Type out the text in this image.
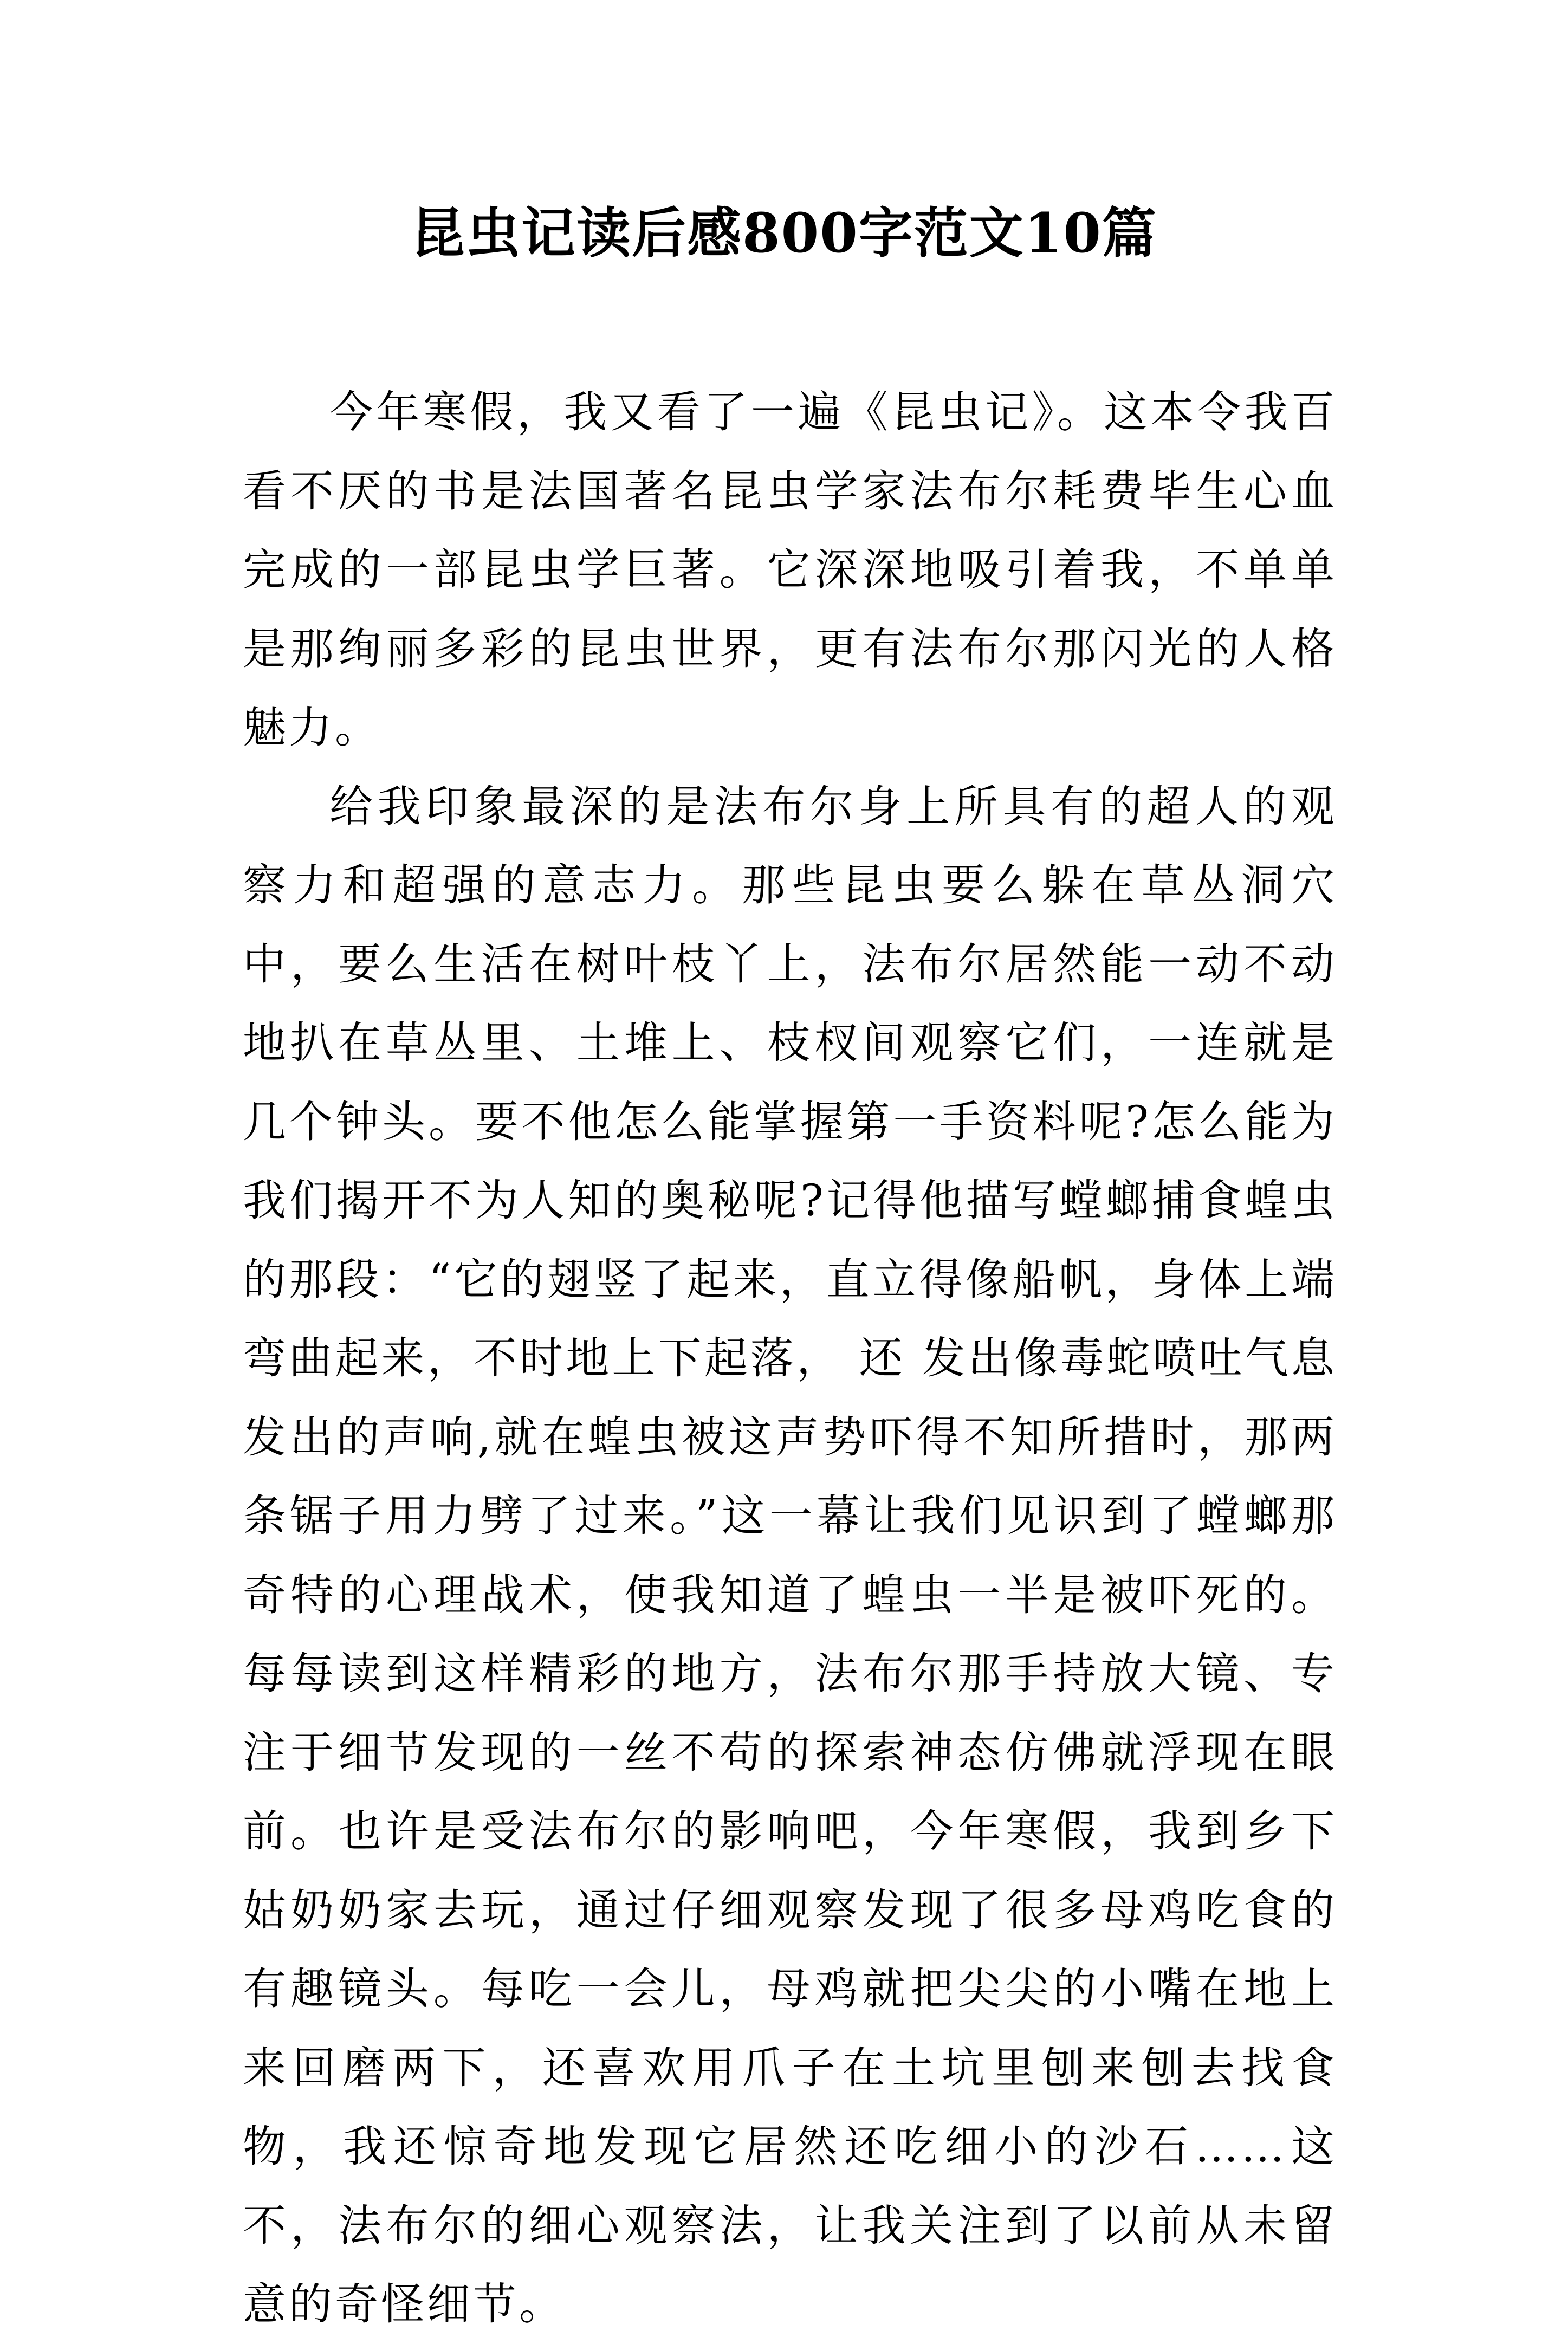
昆虫记读后感800字范文10篇

今年寒假，我又看了一遍《昆虫记》。这本令我百看不厌的书是法国著名昆虫学家法布尔耗费毕生心血完成的一部昆虫学巨著。它深深地吸引着我，不单单是那绚丽多彩的昆虫世界，更有法布尔那闪光的人格魅力。

给我印象最深的是法布尔身上所具有的超人的观察力和超强的意志力。那些昆虫要么躲在草丛洞穴中，要么生活在树叶枝丫上，法布尔居然能一动不动地扒在草丛里、土堆上、枝杈间观察它们，一连就是几个钟头。要不他怎么能掌握第一手资料呢?怎么能为我们揭开不为人知的奥秘呢?记得他描写螳螂捕食蝗虫的那段：“它的翅竖了起来，直立得像船帆，身体上端弯曲起来，不时地上下起落， 还 发出像毒蛇喷吐气息发出的声响,就在蝗虫被这声势吓得不知所措时，那两条锯子用力劈了过来。”这一幕让我们见识到了螳螂那奇特的心理战术，使我知道了蝗虫一半是被吓死的。每每读到这样精彩的地方，法布尔那手持放大镜、专注于细节发现的一丝不苟的探索神态仿佛就浮现在眼前。也许是受法布尔的影响吧，今年寒假，我到乡下姑奶奶家去玩，通过仔细观察发现了很多母鸡吃食的有趣镜头。每吃一会儿，母鸡就把尖尖的小嘴在地上来回磨两下，还喜欢用爪子在土坑里刨来刨去找食物，我还惊奇地发现它居然还吃细小的沙石……这不，法布尔的细心观察法，让我关注到了以前从未留意的奇怪细节。
